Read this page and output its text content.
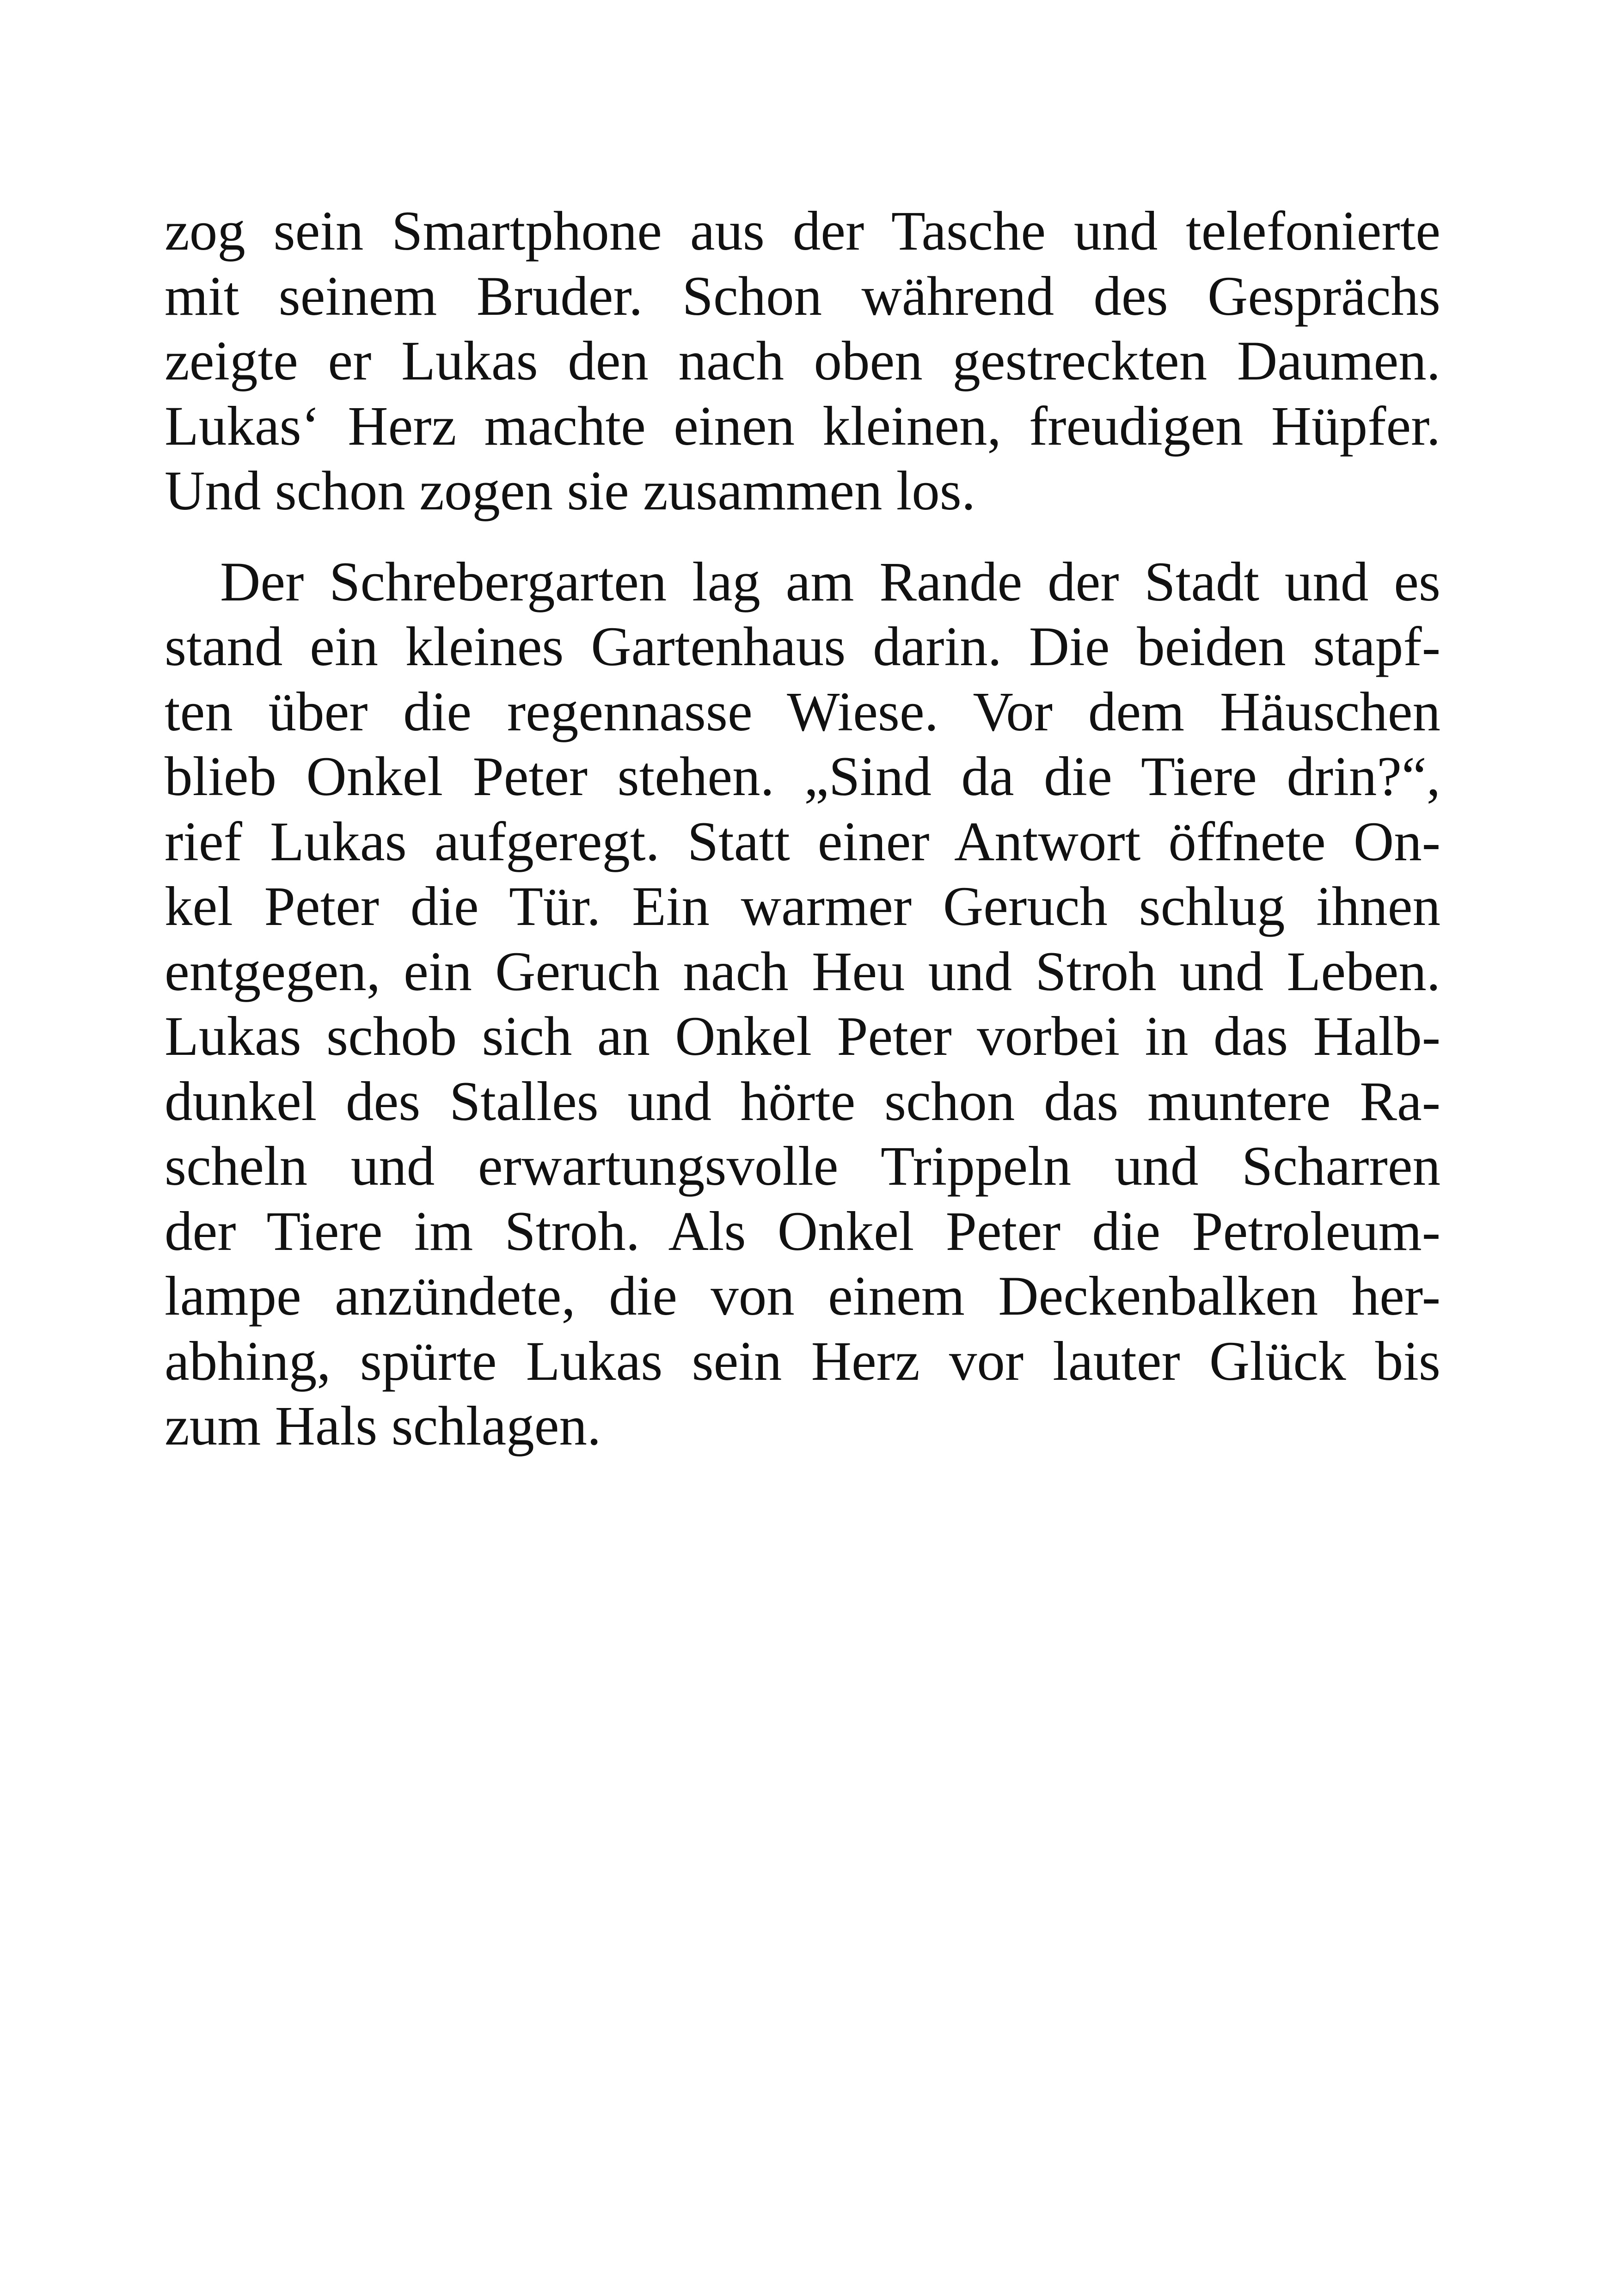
zog sein Smartphone aus der Tasche und telefonierte
mit seinem Bruder. Schon während des Gesprächs
zeigte er Lukas den nach oben gestreckten Daumen.
Lukas‘ Herz machte einen kleinen, freudigen Hüpfer.
Und schon zogen sie zusammen los.

Der Schrebergarten lag am Rande der Stadt und es
stand ein kleines Gartenhaus darin. Die beiden stapf-
ten über die regennasse Wiese. Vor dem Häuschen
blieb Onkel Peter stehen. „Sind da die Tiere drin?“,
rief Lukas aufgeregt. Statt einer Antwort öffnete On-
kel Peter die Tür. Ein warmer Geruch schlug ihnen
entgegen, ein Geruch nach Heu und Stroh und Leben.
Lukas schob sich an Onkel Peter vorbei in das Halb-
dunkel des Stalles und hörte schon das muntere Ra-
scheln und erwartungsvolle Trippeln und Scharren
der Tiere im Stroh. Als Onkel Peter die Petroleum-
lampe anzündete, die von einem Deckenbalken her-
abhing, spürte Lukas sein Herz vor lauter Glück bis
zum Hals schlagen.
